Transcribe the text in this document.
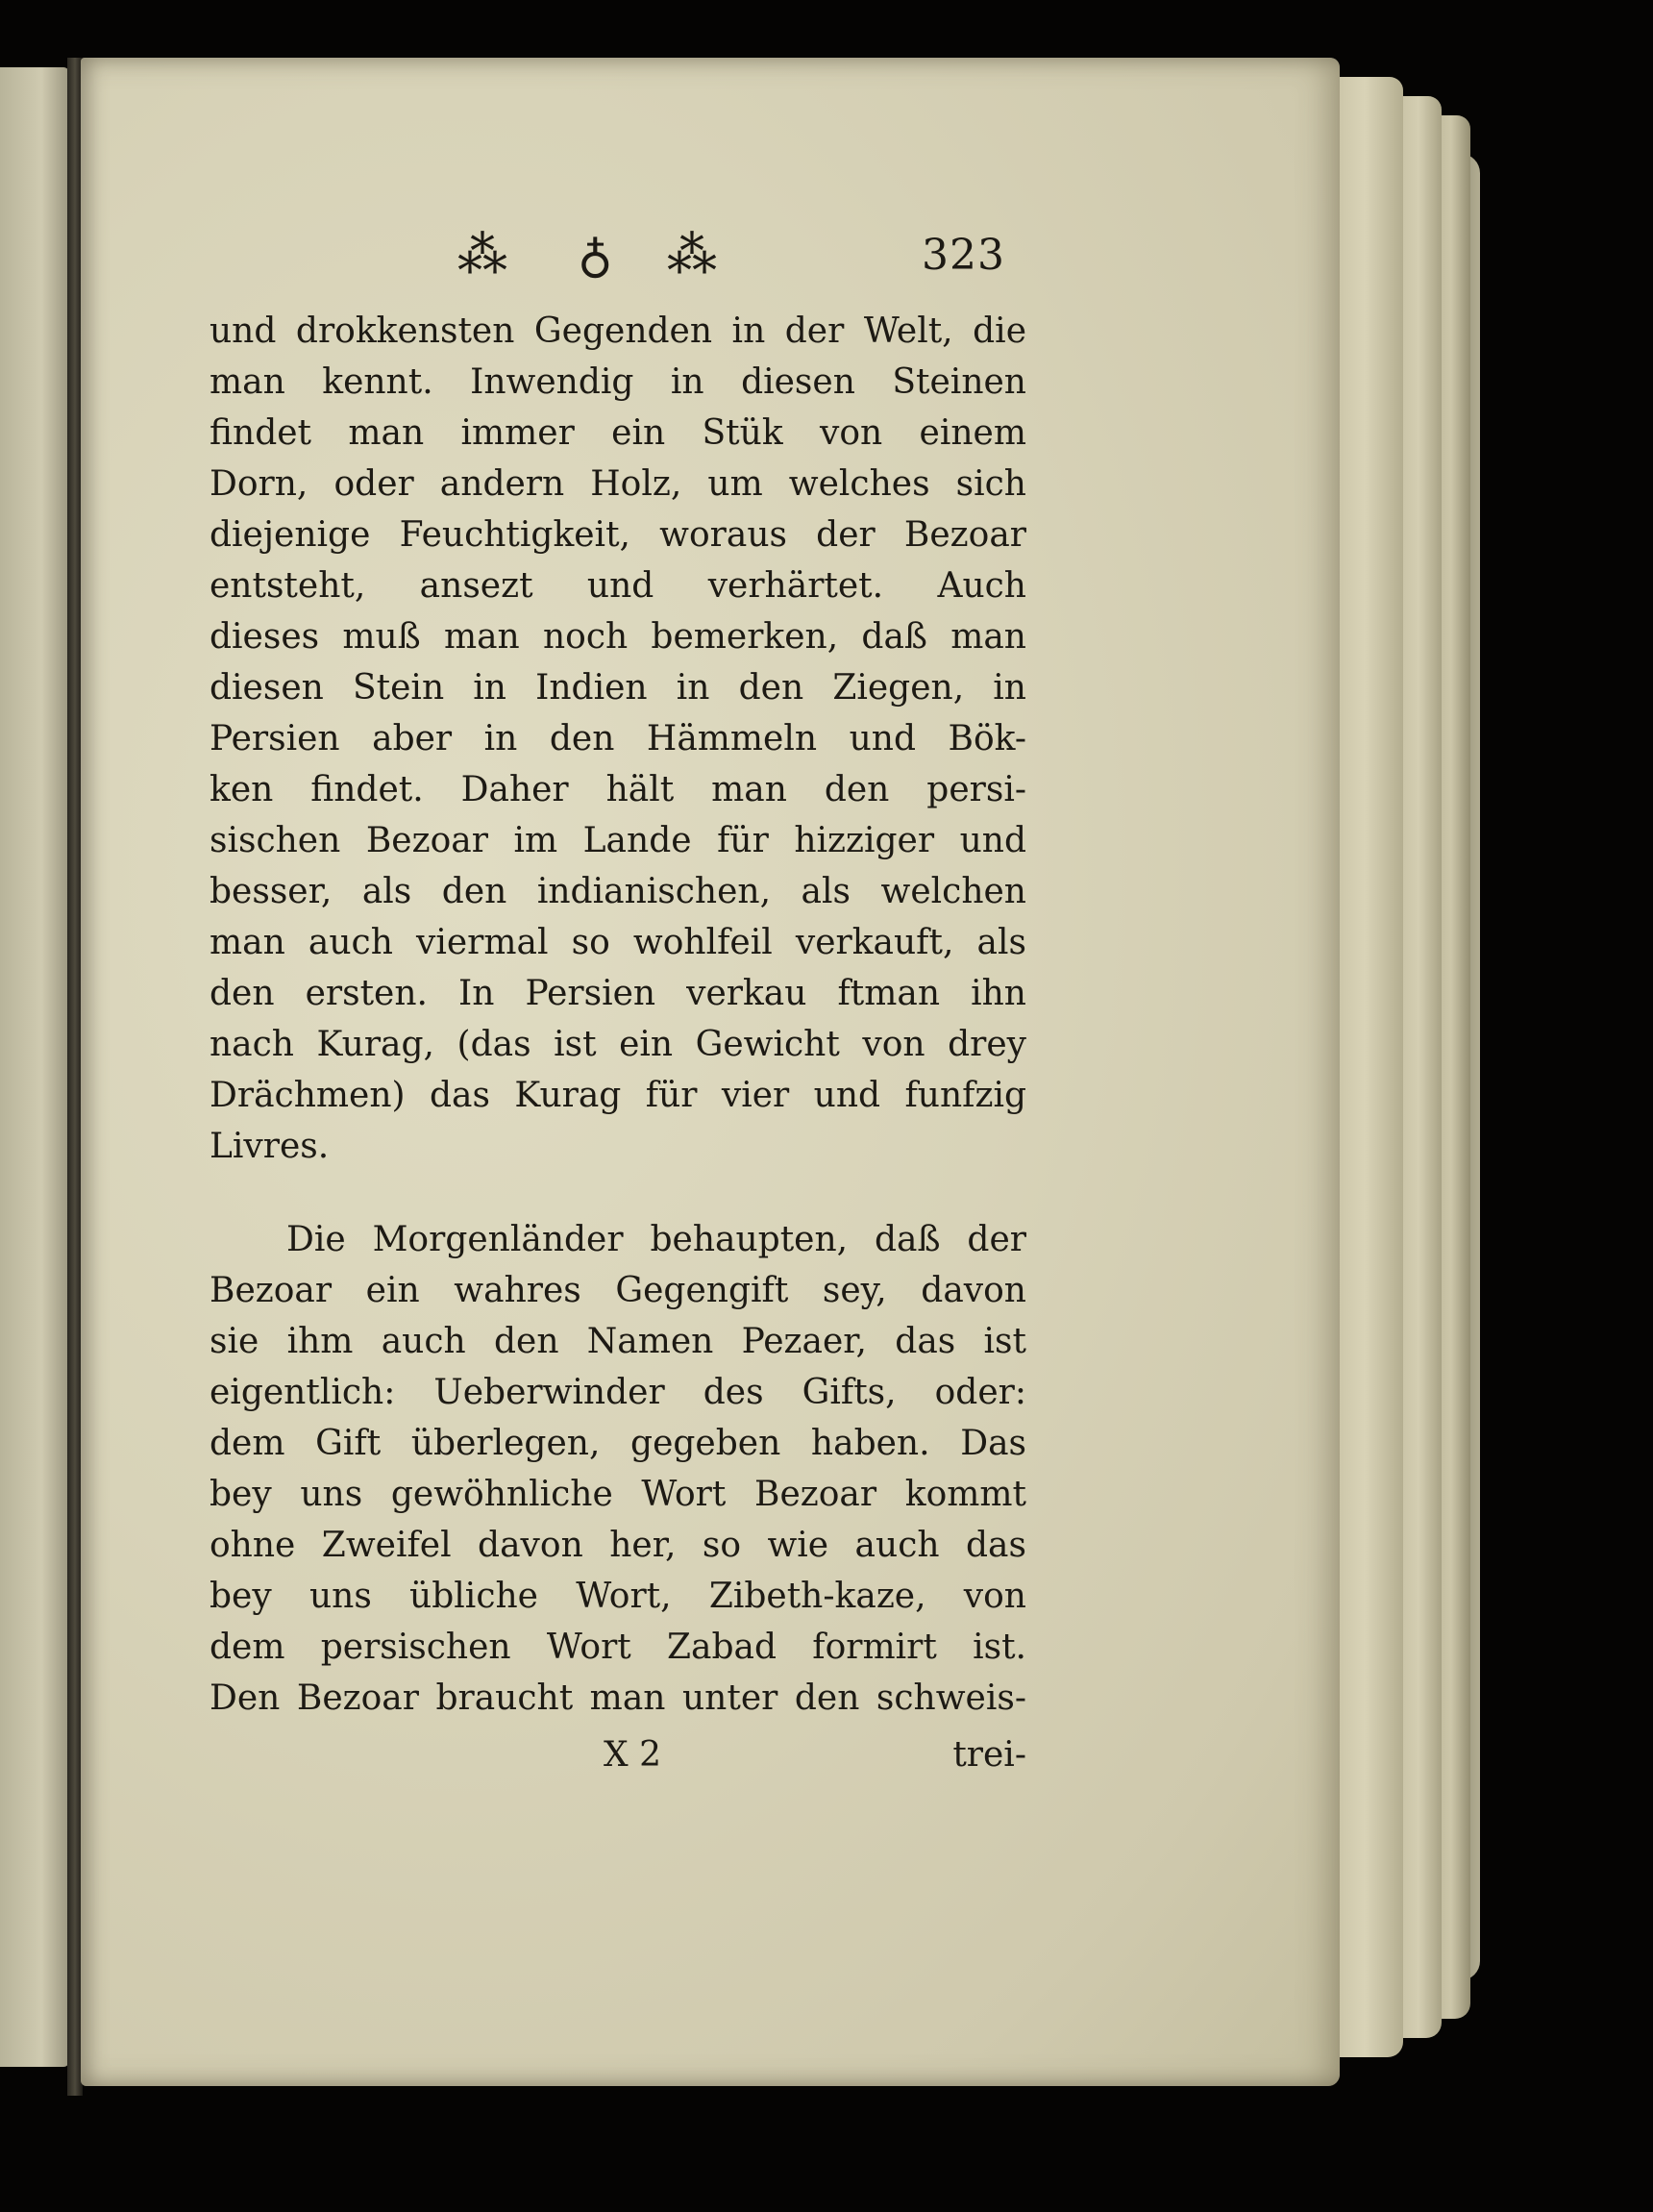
⁂ ♁ ⁂	323
und drokkensten Gegenden in der Welt, die
man kennt. Inwendig in diesen Steinen
findet man immer ein Stük von einem
Dorn, oder andern Holz, um welches sich
diejenige Feuchtigkeit, woraus der Bezoar
entsteht, ansezt und verhärtet. Auch
dieses muß man noch bemerken, daß man
diesen Stein in Indien in den Ziegen, in
Persien aber in den Hämmeln und Bök-
ken findet. Daher hält man den persi-
sischen Bezoar im Lande für hizziger und
besser, als den indianischen, als welchen
man auch viermal so wohlfeil verkauft, als
den ersten. In Persien verkau ftman ihn
nach Kurag, (das ist ein Gewicht von drey
Drächmen) das Kurag für vier und funfzig
Livres.
Die Morgenländer behaupten, daß der
Bezoar ein wahres Gegengift sey, davon
sie ihm auch den Namen Pezaer, das ist
eigentlich: Ueberwinder des Gifts, oder:
dem Gift überlegen, gegeben haben. Das
bey uns gewöhnliche Wort Bezoar kommt
ohne Zweifel davon her, so wie auch das
bey uns übliche Wort, Zibeth-kaze, von
dem persischen Wort Zabad formirt ist.
Den Bezoar braucht man unter den schweis-
X 2	trei-
